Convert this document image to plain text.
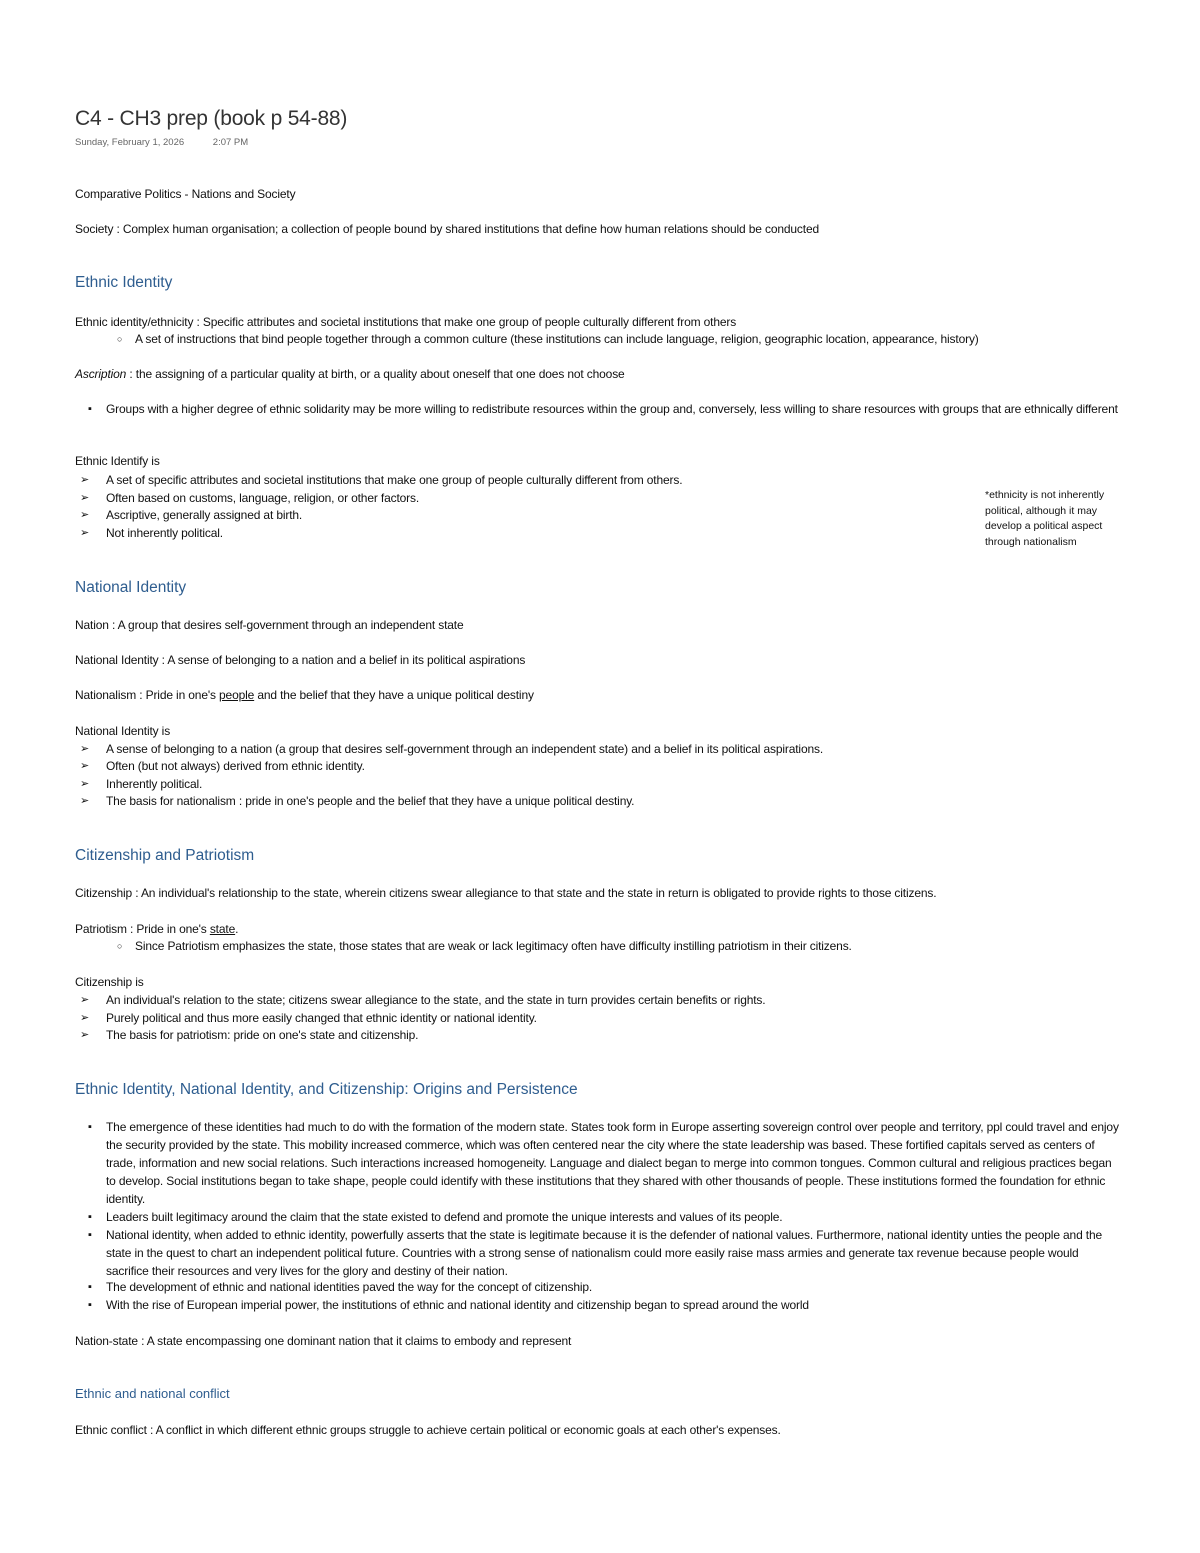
C4 - CH3 prep (book p 54-88)
Sunday, February 1, 2026	2:07 PM
Comparative Politics - Nations and Society
Society : Complex human organisation; a collection of people bound by shared institutions that define how human relations should be conducted
Ethnic Identity
Ethnic identity/ethnicity : Specific attributes and societal institutions that make one group of people culturally different from others
○ A set of instructions that bind people together through a common culture (these institutions can include language, religion, geographic location, appearance, history)
Ascription : the assigning of a particular quality at birth, or a quality about oneself that one does not choose
▪ Groups with a higher degree of ethnic solidarity may be more willing to redistribute resources within the group and, conversely, less willing to share resources with groups that are ethnically different
Ethnic Identify is
➢ A set of specific attributes and societal institutions that make one group of people culturally different from others.
➢ Often based on customs, language, religion, or other factors.
➢ Ascriptive, generally assigned at birth.
➢ Not inherently political.
*ethnicity is not inherently political, although it may develop a political aspect through nationalism
National Identity
Nation : A group that desires self-government through an independent state
National Identity : A sense of belonging to a nation and a belief in its political aspirations
Nationalism : Pride in one's people and the belief that they have a unique political destiny
National Identity is
➢ A sense of belonging to a nation (a group that desires self-government through an independent state) and a belief in its political aspirations.
➢ Often (but not always) derived from ethnic identity.
➢ Inherently political.
➢ The basis for nationalism : pride in one's people and the belief that they have a unique political destiny.
Citizenship and Patriotism
Citizenship : An individual's relationship to the state, wherein citizens swear allegiance to that state and the state in return is obligated to provide rights to those citizens.
Patriotism : Pride in one's state.
○ Since Patriotism emphasizes the state, those states that are weak or lack legitimacy often have difficulty instilling patriotism in their citizens.
Citizenship is
➢ An individual's relation to the state; citizens swear allegiance to the state, and the state in turn provides certain benefits or rights.
➢ Purely political and thus more easily changed that ethnic identity or national identity.
➢ The basis for patriotism: pride on one's state and citizenship.
Ethnic Identity, National Identity, and Citizenship: Origins and Persistence
▪ The emergence of these identities had much to do with the formation of the modern state. States took form in Europe asserting sovereign control over people and territory, ppl could travel and enjoy the security provided by the state. This mobility increased commerce, which was often centered near the city where the state leadership was based. These fortified capitals served as centers of trade, information and new social relations. Such interactions increased homogeneity. Language and dialect began to merge into common tongues. Common cultural and religious practices began to develop. Social institutions began to take shape, people could identify with these institutions that they shared with other thousands of people. These institutions formed the foundation for ethnic identity.
▪ Leaders built legitimacy around the claim that the state existed to defend and promote the unique interests and values of its people.
▪ National identity, when added to ethnic identity, powerfully asserts that the state is legitimate because it is the defender of national values. Furthermore, national identity unties the people and the state in the quest to chart an independent political future. Countries with a strong sense of nationalism could more easily raise mass armies and generate tax revenue because people would sacrifice their resources and very lives for the glory and destiny of their nation.
▪ The development of ethnic and national identities paved the way for the concept of citizenship.
▪ With the rise of European imperial power, the institutions of ethnic and national identity and citizenship began to spread around the world
Nation-state : A state encompassing one dominant nation that it claims to embody and represent
Ethnic and national conflict
Ethnic conflict : A conflict in which different ethnic groups struggle to achieve certain political or economic goals at each other's expenses.
